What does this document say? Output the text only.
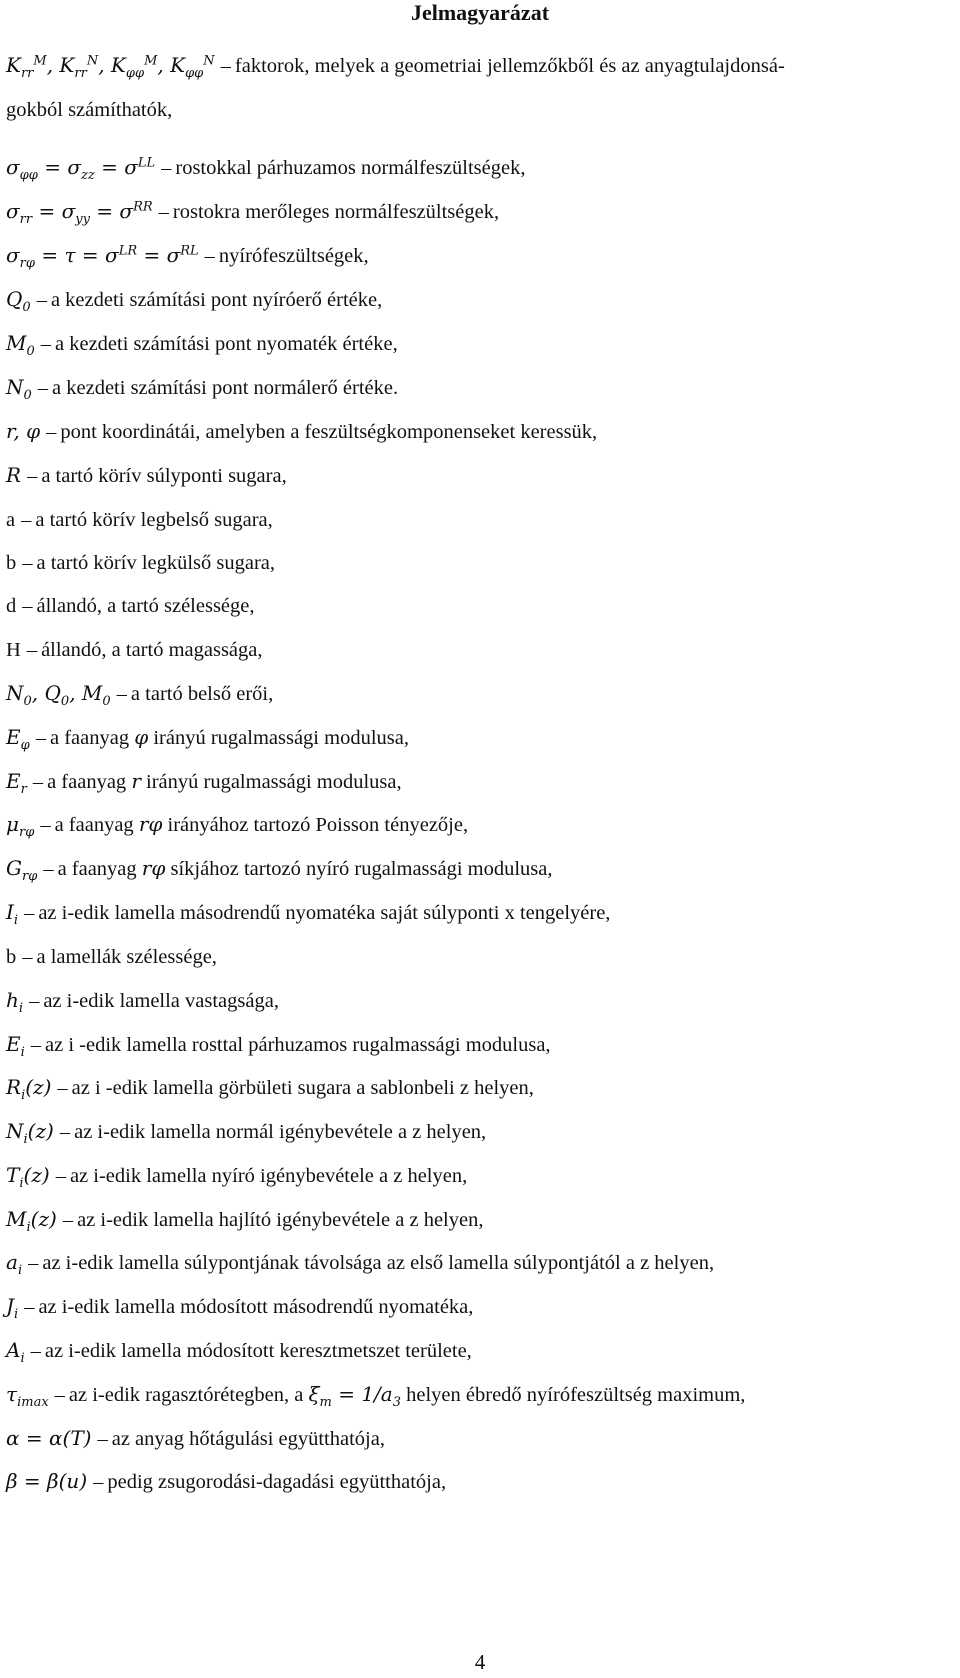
Jelmagyarázat
$K_{rr}^M$, $K_{rr}^N$, $K_{\varphi\varphi}^M$, $K_{\varphi\varphi}^N$ – faktorok, melyek a geometriai jellemzőkből és az anyagtulajdonsá-
gokból számíthatók,
$\sigma_{\varphi\varphi} = \sigma_{zz} = \sigma^{LL}$ – rostokkal párhuzamos normálfeszültségek,
$\sigma_{rr} = \sigma_{yy} = \sigma^{RR}$ – rostokra merőleges normálfeszültségek,
$\sigma_{r\varphi} = \tau = \sigma^{LR} = \sigma^{RL}$ – nyírófeszültségek,
$Q_0$ – a kezdeti számítási pont nyíróerő értéke,
$M_0$ – a kezdeti számítási pont nyomaték értéke,
$N_0$ – a kezdeti számítási pont normálerő értéke.
r, φ – pont koordinátái, amelyben a feszültségkomponenseket keressük,
R – a tartó körív súlyponti sugara,
a – a tartó körív legbelső sugara,
b – a tartó körív legkülső sugara,
d – állandó, a tartó szélessége,
H – állandó, a tartó magassága,
$N_0$, $Q_0$, $M_0$ – a tartó belső erői,
$E_\varphi$ – a faanyag φ irányú rugalmassági modulusa,
$E_r$ – a faanyag r irányú rugalmassági modulusa,
$\mu_{r\varphi}$ – a faanyag rφ irányához tartozó Poisson tényezője,
$G_{r\varphi}$ – a faanyag rφ síkjához tartozó nyíró rugalmassági modulusa,
$I_i$ – az i-edik lamella másodrendű nyomatéka saját súlyponti x tengelyére,
b – a lamellák szélessége,
$h_i$ – az i-edik lamella vastagsága,
$E_i$ – az i -edik lamella rosttal párhuzamos rugalmassági modulusa,
$R_i(z)$ – az i -edik lamella görbületi sugara a sablonbeli z helyen,
$N_i(z)$ – az i-edik lamella normál igénybevétele a z helyen,
$T_i(z)$ – az i-edik lamella nyíró igénybevétele a z helyen,
$M_i(z)$ – az i-edik lamella hajlító igénybevétele a z helyen,
$a_i$ – az i-edik lamella súlypontjának távolsága az első lamella súlypontjától a z helyen,
$J_i$ – az i-edik lamella módosított másodrendű nyomatéka,
$A_i$ – az i-edik lamella módosított keresztmetszet területe,
$\tau_{imax}$ – az i-edik ragasztórétegben, a $\xi_m = 1/a_3$ helyen ébredő nyírófeszültség maximum,
α = α(T) – az anyag hőtágulási együtthatója,
β = β(u) – pedig zsugorodási-dagadási együtthatója,
4
